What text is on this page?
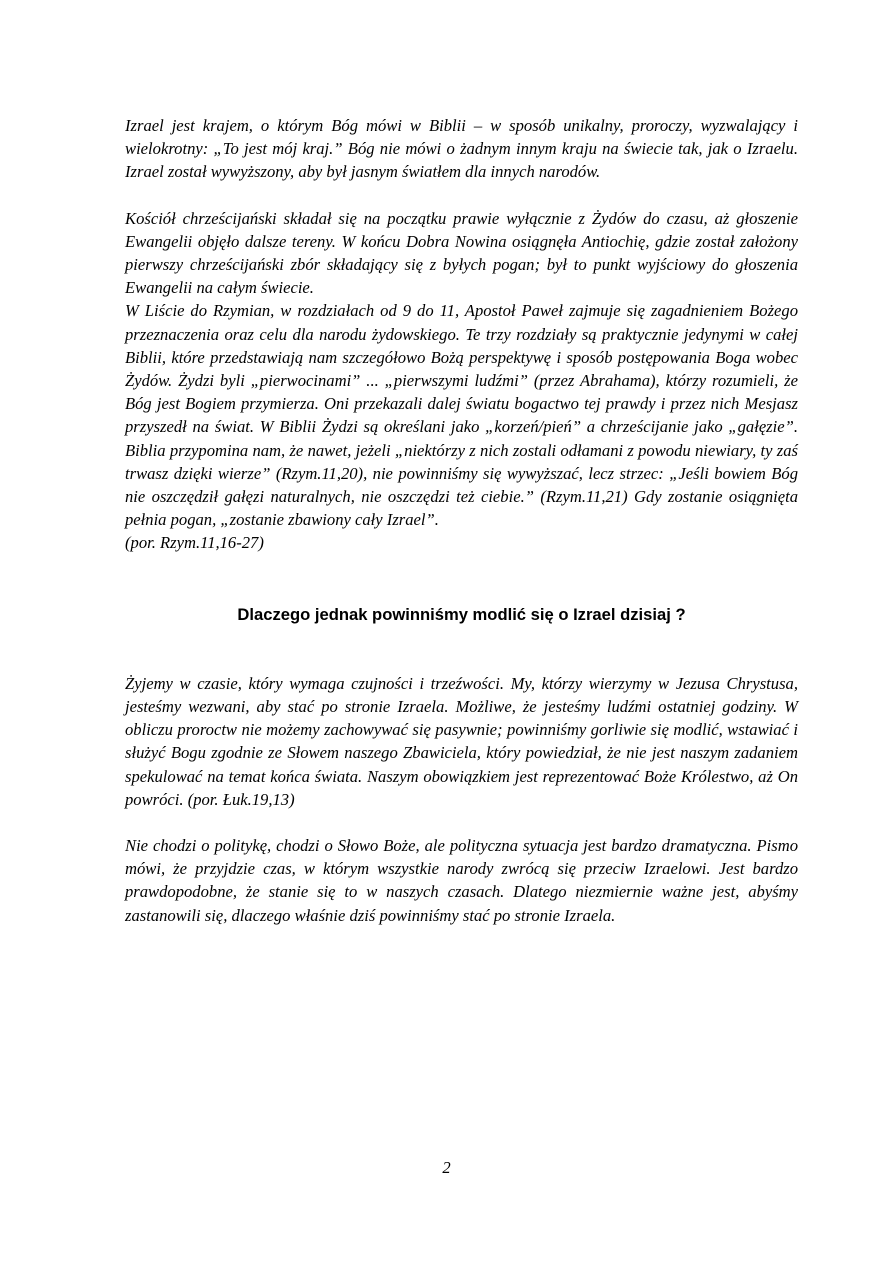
Izrael jest krajem, o którym Bóg mówi w Biblii – w sposób unikalny, proroczy, wyzwalający i wielokrotny: „To jest mój kraj.” Bóg nie mówi o żadnym innym kraju na świecie tak, jak o Izraelu. Izrael został wywyższony, aby był jasnym światłem dla innych narodów.

Kościół chrześcijański składał się na początku prawie wyłącznie z Żydów do czasu, aż głoszenie Ewangelii objęło dalsze tereny. W końcu Dobra Nowina osiągnęła Antiochię, gdzie został założony pierwszy chrześcijański zbór składający się z byłych pogan; był to punkt wyjściowy do głoszenia Ewangelii na całym świecie.

W Liście do Rzymian, w rozdziałach od 9 do 11, Apostoł Paweł zajmuje się zagadnieniem Bożego przeznaczenia oraz celu dla narodu żydowskiego. Te trzy rozdziały są praktycznie jedynymi w całej Biblii, które przedstawiają nam szczegółowo Bożą perspektywę i sposób postępowania Boga wobec Żydów. Żydzi byli „pierwocinami” ... „pierwszymi ludźmi” (przez Abrahama), którzy rozumieli, że Bóg jest Bogiem przymierza. Oni przekazali dalej światu bogactwo tej prawdy i przez nich Mesjasz przyszedł na świat. W Biblii Żydzi są określani jako „korzeń/pień” a chrześcijanie jako „gałęzie”. Biblia przypomina nam, że nawet, jeżeli „niektórzy z nich zostali odłamani z powodu niewiary, ty zaś trwasz dzięki wierze” (Rzym.11,20), nie powinniśmy się wywyższać, lecz strzec: „Jeśli bowiem Bóg nie oszczędził gałęzi naturalnych, nie oszczędzi też ciebie.” (Rzym.11,21) Gdy zostanie osiągnięta pełnia pogan, „zostanie zbawiony cały Izrael”.

(por. Rzym.11,16-27)

Dlaczego jednak powinniśmy modlić się o Izrael dzisiaj ?

Żyjemy w czasie, który wymaga czujności i trzeźwości. My, którzy wierzymy w Jezusa Chrystusa, jesteśmy wezwani, aby stać po stronie Izraela. Możliwe, że jesteśmy ludźmi ostatniej godziny. W obliczu proroctw nie możemy zachowywać się pasywnie; powinniśmy gorliwie się modlić, wstawiać i służyć Bogu zgodnie ze Słowem naszego Zbawiciela, który powiedział, że nie jest naszym zadaniem spekulować na temat końca świata. Naszym obowiązkiem jest reprezentować Boże Królestwo, aż On powróci. (por. Łuk.19,13)

Nie chodzi o politykę, chodzi o Słowo Boże, ale polityczna sytuacja jest bardzo dramatyczna. Pismo mówi, że przyjdzie czas, w którym wszystkie narody zwrócą się przeciw Izraelowi. Jest bardzo prawdopodobne, że stanie się to w naszych czasach. Dlatego niezmiernie ważne jest, abyśmy zastanowili się, dlaczego właśnie dziś powinniśmy stać po stronie Izraela.

2
